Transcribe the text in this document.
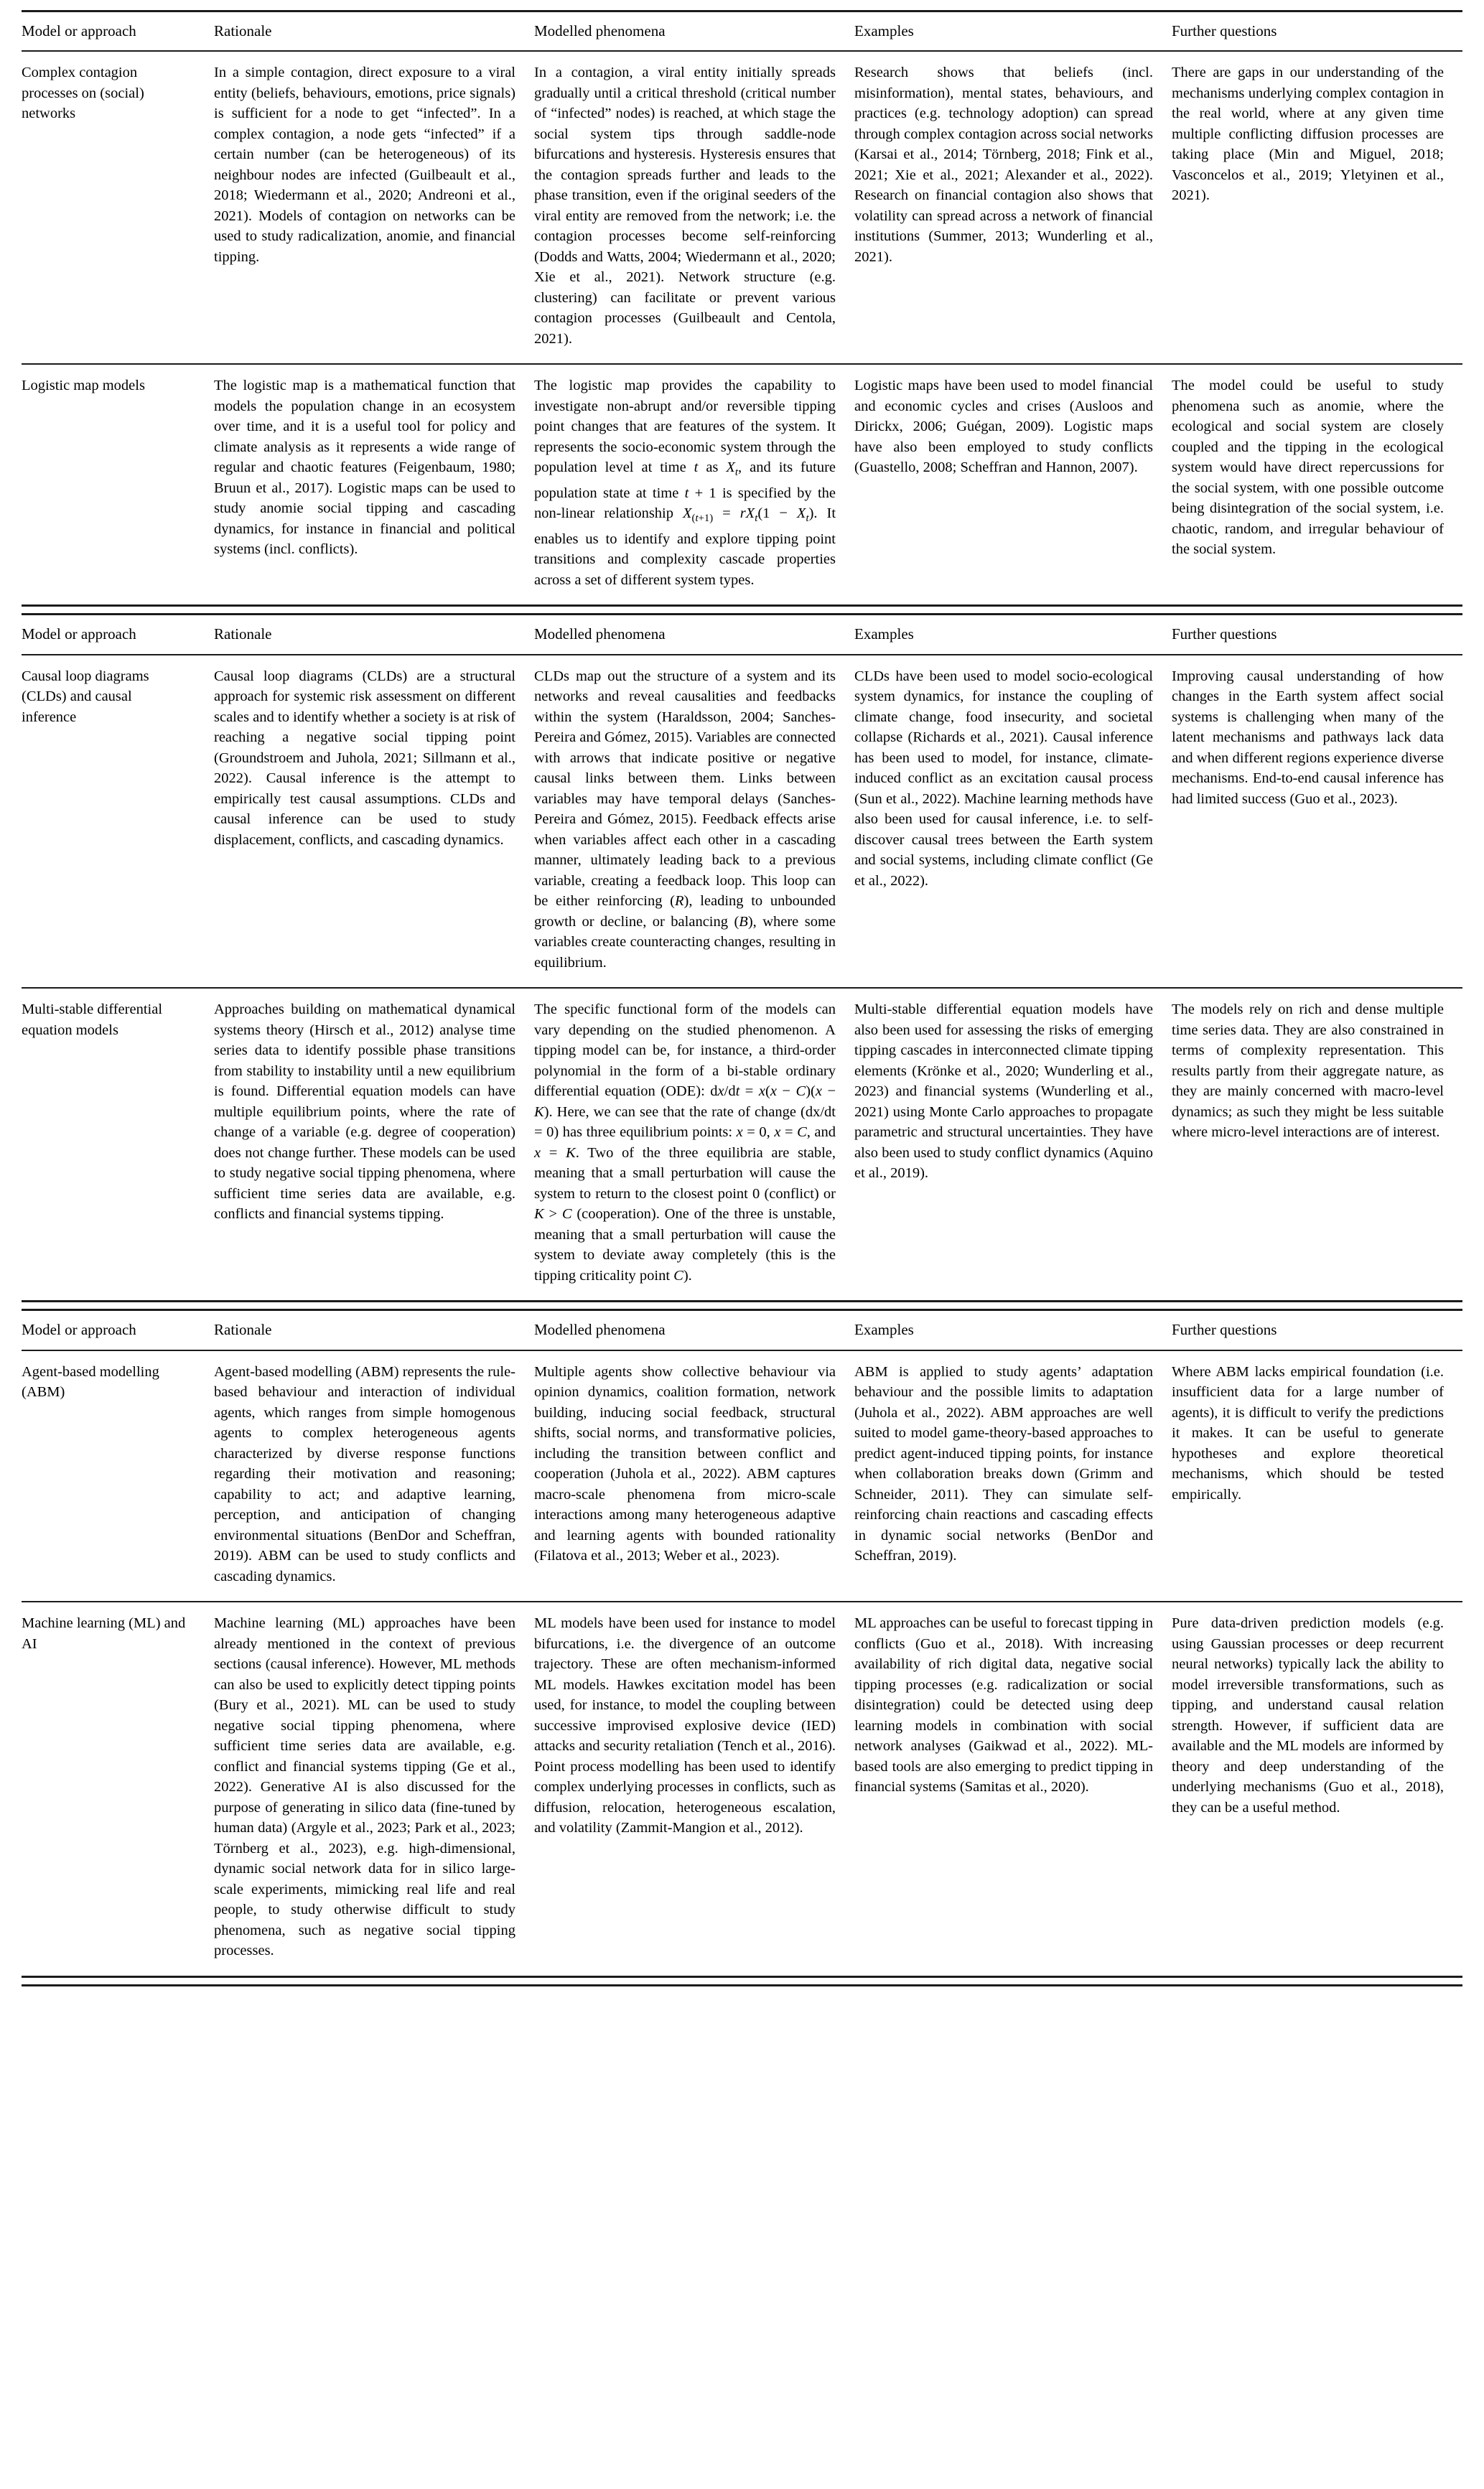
Model or approach	Rationale	Modelled phenomena	Examples	Further questions
Complex contagion processes on (social) networks	In a simple contagion, direct exposure to a viral entity (beliefs, behaviours, emotions, price signals) is sufficient for a node to get “infected”. In a complex contagion, a node gets “infected” if a certain number (can be heterogeneous) of its neighbour nodes are infected (Guilbeault et al., 2018; Wiedermann et al., 2020; Andreoni et al., 2021). Models of contagion on networks can be used to study radicalization, anomie, and financial tipping.	In a contagion, a viral entity initially spreads gradually until a critical threshold (critical number of “infected” nodes) is reached, at which stage the social system tips through saddle-node bifurcations and hysteresis. Hysteresis ensures that the contagion spreads further and leads to the phase transition, even if the original seeders of the viral entity are removed from the network; i.e. the contagion processes become self-reinforcing (Dodds and Watts, 2004; Wiedermann et al., 2020; Xie et al., 2021). Network structure (e.g. clustering) can facilitate or prevent various contagion processes (Guilbeault and Centola, 2021).	Research shows that beliefs (incl. misinformation), mental states, behaviours, and practices (e.g. technology adoption) can spread through complex contagion across social networks (Karsai et al., 2014; Törnberg, 2018; Fink et al., 2021; Xie et al., 2021; Alexander et al., 2022). Research on financial contagion also shows that volatility can spread across a network of financial institutions (Summer, 2013; Wunderling et al., 2021).	There are gaps in our understanding of the mechanisms underlying complex contagion in the real world, where at any given time multiple conflicting diffusion processes are taking place (Min and Miguel, 2018; Vasconcelos et al., 2019; Yletyinen et al., 2021).
Logistic map models	The logistic map is a mathematical function that models the population change in an ecosystem over time, and it is a useful tool for policy and climate analysis as it represents a wide range of regular and chaotic features (Feigenbaum, 1980; Bruun et al., 2017). Logistic maps can be used to study anomie social tipping and cascading dynamics, for instance in financial and political systems (incl. conflicts).	The logistic map provides the capability to investigate non-abrupt and/or reversible tipping point changes that are features of the system. It represents the socio-economic system through the population level at time t as $X_t$, and its future population state at time t + 1 is specified by the non-linear relationship $X_{(t+1)} = rX_t(1 - X_t)$. It enables us to identify and explore tipping point transitions and complexity cascade properties across a set of different system types.	Logistic maps have been used to model financial and economic cycles and crises (Ausloos and Dirickx, 2006; Guégan, 2009). Logistic maps have also been employed to study conflicts (Guastello, 2008; Scheffran and Hannon, 2007).	The model could be useful to study phenomena such as anomie, where the ecological and social system are closely coupled and the tipping in the ecological system would have direct repercussions for the social system, with one possible outcome being disintegration of the social system, i.e. chaotic, random, and irregular behaviour of the social system.
Model or approach	Rationale	Modelled phenomena	Examples	Further questions
Causal loop diagrams (CLDs) and causal inference	Causal loop diagrams (CLDs) are a structural approach for systemic risk assessment on different scales and to identify whether a society is at risk of reaching a negative social tipping point (Groundstroem and Juhola, 2021; Sillmann et al., 2022). Causal inference is the attempt to empirically test causal assumptions. CLDs and causal inference can be used to study displacement, conflicts, and cascading dynamics.	CLDs map out the structure of a system and its networks and reveal causalities and feedbacks within the system (Haraldsson, 2004; Sanches-Pereira and Gómez, 2015). Variables are connected with arrows that indicate positive or negative causal links between them. Links between variables may have temporal delays (Sanches-Pereira and Gómez, 2015). Feedback effects arise when variables affect each other in a cascading manner, ultimately leading back to a previous variable, creating a feedback loop. This loop can be either reinforcing (R), leading to unbounded growth or decline, or balancing (B), where some variables create counteracting changes, resulting in equilibrium.	CLDs have been used to model socio-ecological system dynamics, for instance the coupling of climate change, food insecurity, and societal collapse (Richards et al., 2021). Causal inference has been used to model, for instance, climate-induced conflict as an excitation causal process (Sun et al., 2022). Machine learning methods have also been used for causal inference, i.e. to self-discover causal trees between the Earth system and social systems, including climate conflict (Ge et al., 2022).	Improving causal understanding of how changes in the Earth system affect social systems is challenging when many of the latent mechanisms and pathways lack data and when different regions experience diverse mechanisms. End-to-end causal inference has had limited success (Guo et al., 2023).
Multi-stable differential equation models	Approaches building on mathematical dynamical systems theory (Hirsch et al., 2012) analyse time series data to identify possible phase transitions from stability to instability until a new equilibrium is found. Differential equation models can have multiple equilibrium points, where the rate of change of a variable (e.g. degree of cooperation) does not change further. These models can be used to study negative social tipping phenomena, where sufficient time series data are available, e.g. conflicts and financial systems tipping.	The specific functional form of the models can vary depending on the studied phenomenon. A tipping model can be, for instance, a third-order polynomial in the form of a bi-stable ordinary differential equation (ODE): dx/dt = x(x − C)(x − K). Here, we can see that the rate of change (dx/dt = 0) has three equilibrium points: x = 0, x = C, and x = K. Two of the three equilibria are stable, meaning that a small perturbation will cause the system to return to the closest point 0 (conflict) or K > C (cooperation). One of the three is unstable, meaning that a small perturbation will cause the system to deviate away completely (this is the tipping criticality point C).	Multi-stable differential equation models have also been used for assessing the risks of emerging tipping cascades in interconnected climate tipping elements (Krönke et al., 2020; Wunderling et al., 2023) and financial systems (Wunderling et al., 2021) using Monte Carlo approaches to propagate parametric and structural uncertainties. They have also been used to study conflict dynamics (Aquino et al., 2019).	The models rely on rich and dense multiple time series data. They are also constrained in terms of complexity representation. This results partly from their aggregate nature, as they are mainly concerned with macro-level dynamics; as such they might be less suitable where micro-level interactions are of interest.
Model or approach	Rationale	Modelled phenomena	Examples	Further questions
Agent-based modelling (ABM)	Agent-based modelling (ABM) represents the rule-based behaviour and interaction of individual agents, which ranges from simple homogenous agents to complex heterogeneous agents characterized by diverse response functions regarding their motivation and reasoning; capability to act; and adaptive learning, perception, and anticipation of changing environmental situations (BenDor and Scheffran, 2019). ABM can be used to study conflicts and cascading dynamics.	Multiple agents show collective behaviour via opinion dynamics, coalition formation, network building, inducing social feedback, structural shifts, social norms, and transformative policies, including the transition between conflict and cooperation (Juhola et al., 2022). ABM captures macro-scale phenomena from micro-scale interactions among many heterogeneous adaptive and learning agents with bounded rationality (Filatova et al., 2013; Weber et al., 2023).	ABM is applied to study agents’ adaptation behaviour and the possible limits to adaptation (Juhola et al., 2022). ABM approaches are well suited to model game-theory-based approaches to predict agent-induced tipping points, for instance when collaboration breaks down (Grimm and Schneider, 2011). They can simulate self-reinforcing chain reactions and cascading effects in dynamic social networks (BenDor and Scheffran, 2019).	Where ABM lacks empirical foundation (i.e. insufficient data for a large number of agents), it is difficult to verify the predictions it makes. It can be useful to generate hypotheses and explore theoretical mechanisms, which should be tested empirically.
Machine learning (ML) and AI	Machine learning (ML) approaches have been already mentioned in the context of previous sections (causal inference). However, ML methods can also be used to explicitly detect tipping points (Bury et al., 2021). ML can be used to study negative social tipping phenomena, where sufficient time series data are available, e.g. conflict and financial systems tipping (Ge et al., 2022). Generative AI is also discussed for the purpose of generating in silico data (fine-tuned by human data) (Argyle et al., 2023; Park et al., 2023; Törnberg et al., 2023), e.g. high-dimensional, dynamic social network data for in silico large-scale experiments, mimicking real life and real people, to study otherwise difficult to study phenomena, such as negative social tipping processes.	ML models have been used for instance to model bifurcations, i.e. the divergence of an outcome trajectory. These are often mechanism-informed ML models. Hawkes excitation model has been used, for instance, to model the coupling between successive improvised explosive device (IED) attacks and security retaliation (Tench et al., 2016). Point process modelling has been used to identify complex underlying processes in conflicts, such as diffusion, relocation, heterogeneous escalation, and volatility (Zammit-Mangion et al., 2012).	ML approaches can be useful to forecast tipping in conflicts (Guo et al., 2018). With increasing availability of rich digital data, negative social tipping processes (e.g. radicalization or social disintegration) could be detected using deep learning models in combination with social network analyses (Gaikwad et al., 2022). ML-based tools are also emerging to predict tipping in financial systems (Samitas et al., 2020).	Pure data-driven prediction models (e.g. using Gaussian processes or deep recurrent neural networks) typically lack the ability to model irreversible transformations, such as tipping, and understand causal relation strength. However, if sufficient data are available and the ML models are informed by theory and deep understanding of the underlying mechanisms (Guo et al., 2018), they can be a useful method.
